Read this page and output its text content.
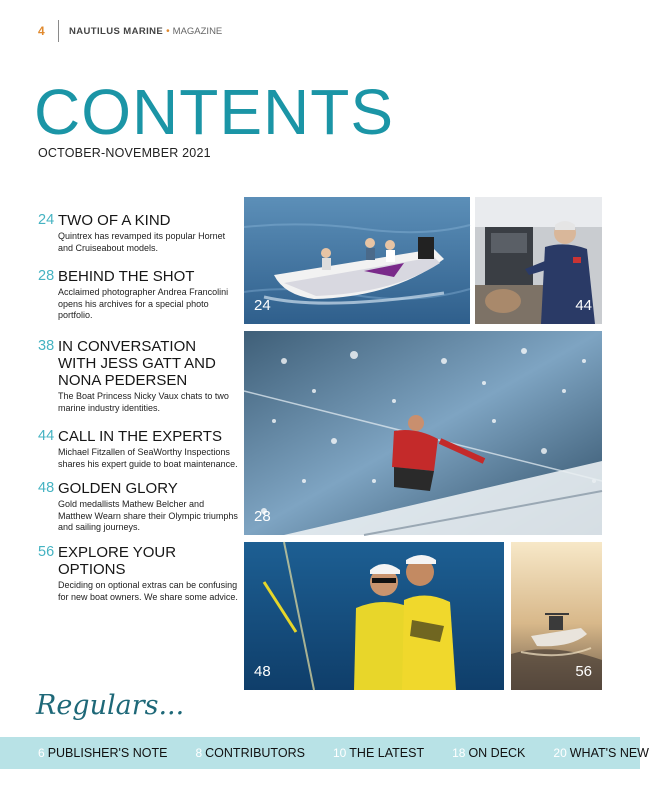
4	NAUTILUS MARINE • MAGAZINE
CONTENTS
OCTOBER-NOVEMBER 2021
24 TWO OF A KIND
Quintrex has revamped its popular Hornet and Cruiseabout models.
28 BEHIND THE SHOT
Acclaimed photographer Andrea Francolini opens his archives for a special photo portfolio.
38 IN CONVERSATION WITH JESS GATT AND NONA PEDERSEN
The Boat Princess Nicky Vaux chats to two marine industry identities.
44 CALL IN THE EXPERTS
Michael Fitzallen of SeaWorthy Inspections shares his expert guide to boat maintenance.
48 GOLDEN GLORY
Gold medallists Mathew Belcher and Matthew Wearn share their Olympic triumphs and sailing journeys.
56 EXPLORE YOUR OPTIONS
Deciding on optional extras can be confusing for new boat owners. We share some advice.
24	44
28
48	56
Regulars...
6 PUBLISHER'S NOTE 8 CONTRIBUTORS 10 THE LATEST 18 ON DECK 20 WHAT'S NEW
